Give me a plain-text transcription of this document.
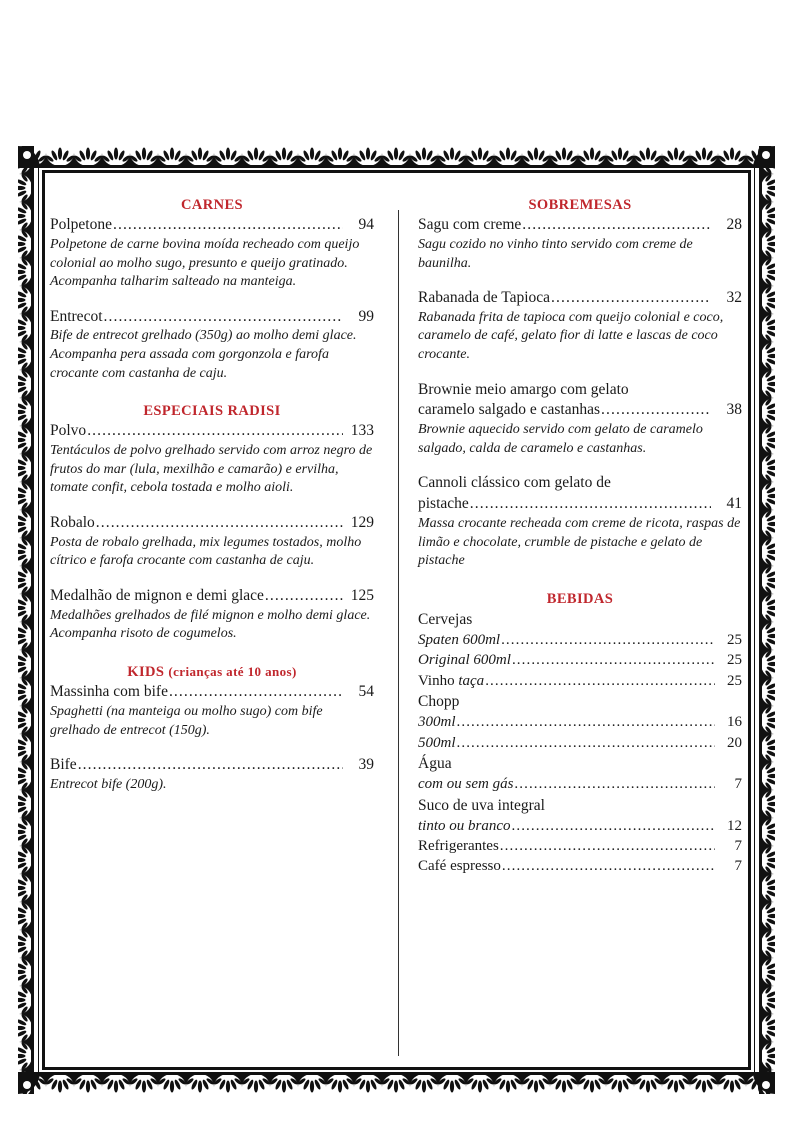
CARNES
Polpetone .....	94
Polpetone de carne bovina moída recheado com queijo colonial ao molho sugo, presunto e queijo gratinado. Acompanha talharim salteado na manteiga.
Entrecot .....	99
Bife de entrecot grelhado (350g) ao molho demi glace. Acompanha pera assada com gorgonzola e farofa crocante com castanha de caju.
ESPECIAIS RADISI
Polvo .....	133
Tentáculos de polvo grelhado servido com arroz negro de frutos do mar (lula, mexilhão e camarão) e ervilha, tomate confit, cebola tostada e molho aioli.
Robalo .....	129
Posta de robalo grelhada, mix legumes tostados, molho cítrico e farofa crocante com castanha de caju.
Medalhão de mignon e demi glace .....	125
Medalhões grelhados de filé mignon e molho demi glace. Acompanha risoto de cogumelos.
KIDS (crianças até 10 anos)
Massinha com bife .....	54
Spaghetti (na manteiga ou molho sugo) com bife grelhado de entrecot (150g).
Bife .....	39
Entrecot bife (200g).
SOBREMESAS
Sagu com creme .....	28
Sagu cozido no vinho tinto servido com creme de baunilha.
Rabanada de Tapioca .....	32
Rabanada frita de tapioca com queijo colonial e coco, caramelo de café, gelato fior di latte e lascas de coco crocante.
Brownie meio amargo com gelato
caramelo salgado e castanhas .....	38
Brownie aquecido servido com gelato de caramelo salgado, calda de caramelo e castanhas.
Cannoli clássico com gelato de
pistache .....	41
Massa crocante recheada com creme de ricota, raspas de limão e chocolate, crumble de pistache e gelato de pistache
BEBIDAS
Cervejas
Spaten 600ml .....	25
Original 600ml .....	25
Vinho taça .....	25
Chopp
300ml .....	16
500ml .....	20
Água
com ou sem gás .....	7
Suco de uva integral
tinto ou branco .....	12
Refrigerantes .....	7
Café espresso .....	7
